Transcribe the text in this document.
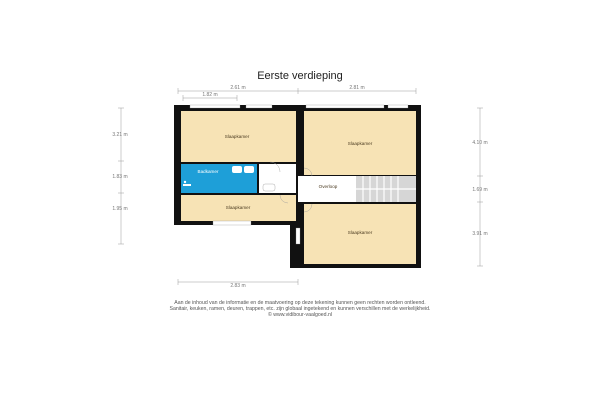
Eerste verdieping
2.61 m	2.81 m
1.82 m
3.21 m
1.83 m
1.95 m
4.10 m
1.69 m
3.91 m
2.83 m
Slaapkamer
Slaapkamer
Badkamer
Slaapkamer
Overloop
Slaapkamer
Aan de inhoud van de informatie en de maatvoering op deze tekening kunnen geen rechten worden ontleend.
Sanitair, keuken, ramen, deuren, trappen, etc. zijn globaal ingetekend en kunnen verschillen met de werkelijkheid.
© www.vidibour-vaalgoed.nl
